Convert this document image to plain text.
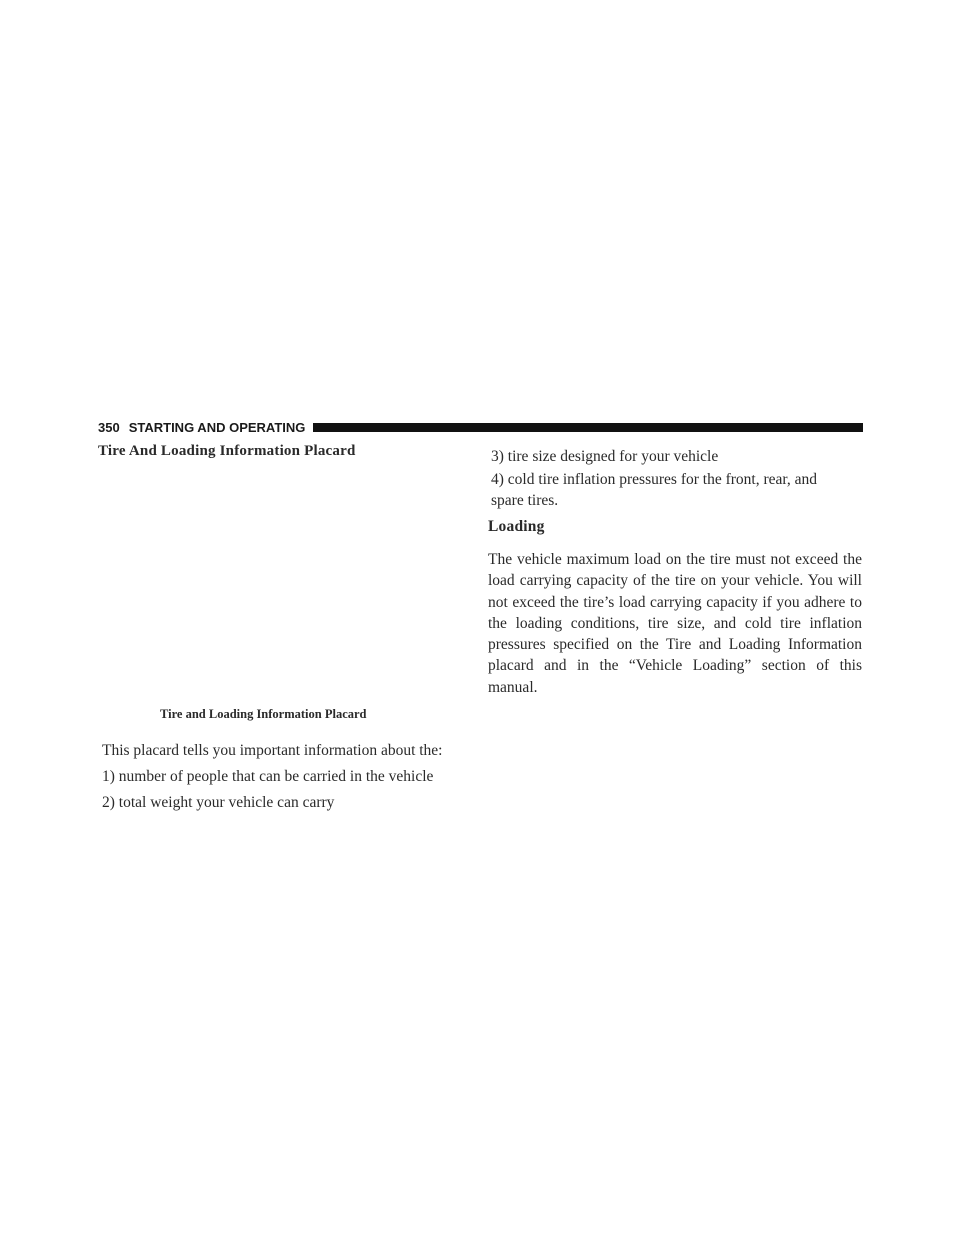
350 STARTING AND OPERATING
Tire And Loading Information Placard
Tire and Loading Information Placard

This placard tells you important information about the:

1) number of people that can be carried in the vehicle

2) total weight your vehicle can carry

3) tire size designed for your vehicle

4) cold tire inflation pressures for the front, rear, and spare tires.

Loading

The vehicle maximum load on the tire must not exceed the load carrying capacity of the tire on your vehicle. You will not exceed the tire’s load carrying capacity if you adhere to the loading conditions, tire size, and cold tire inflation pressures specified on the Tire and Loading Information placard and in the “Vehicle Loading” section of this manual.
